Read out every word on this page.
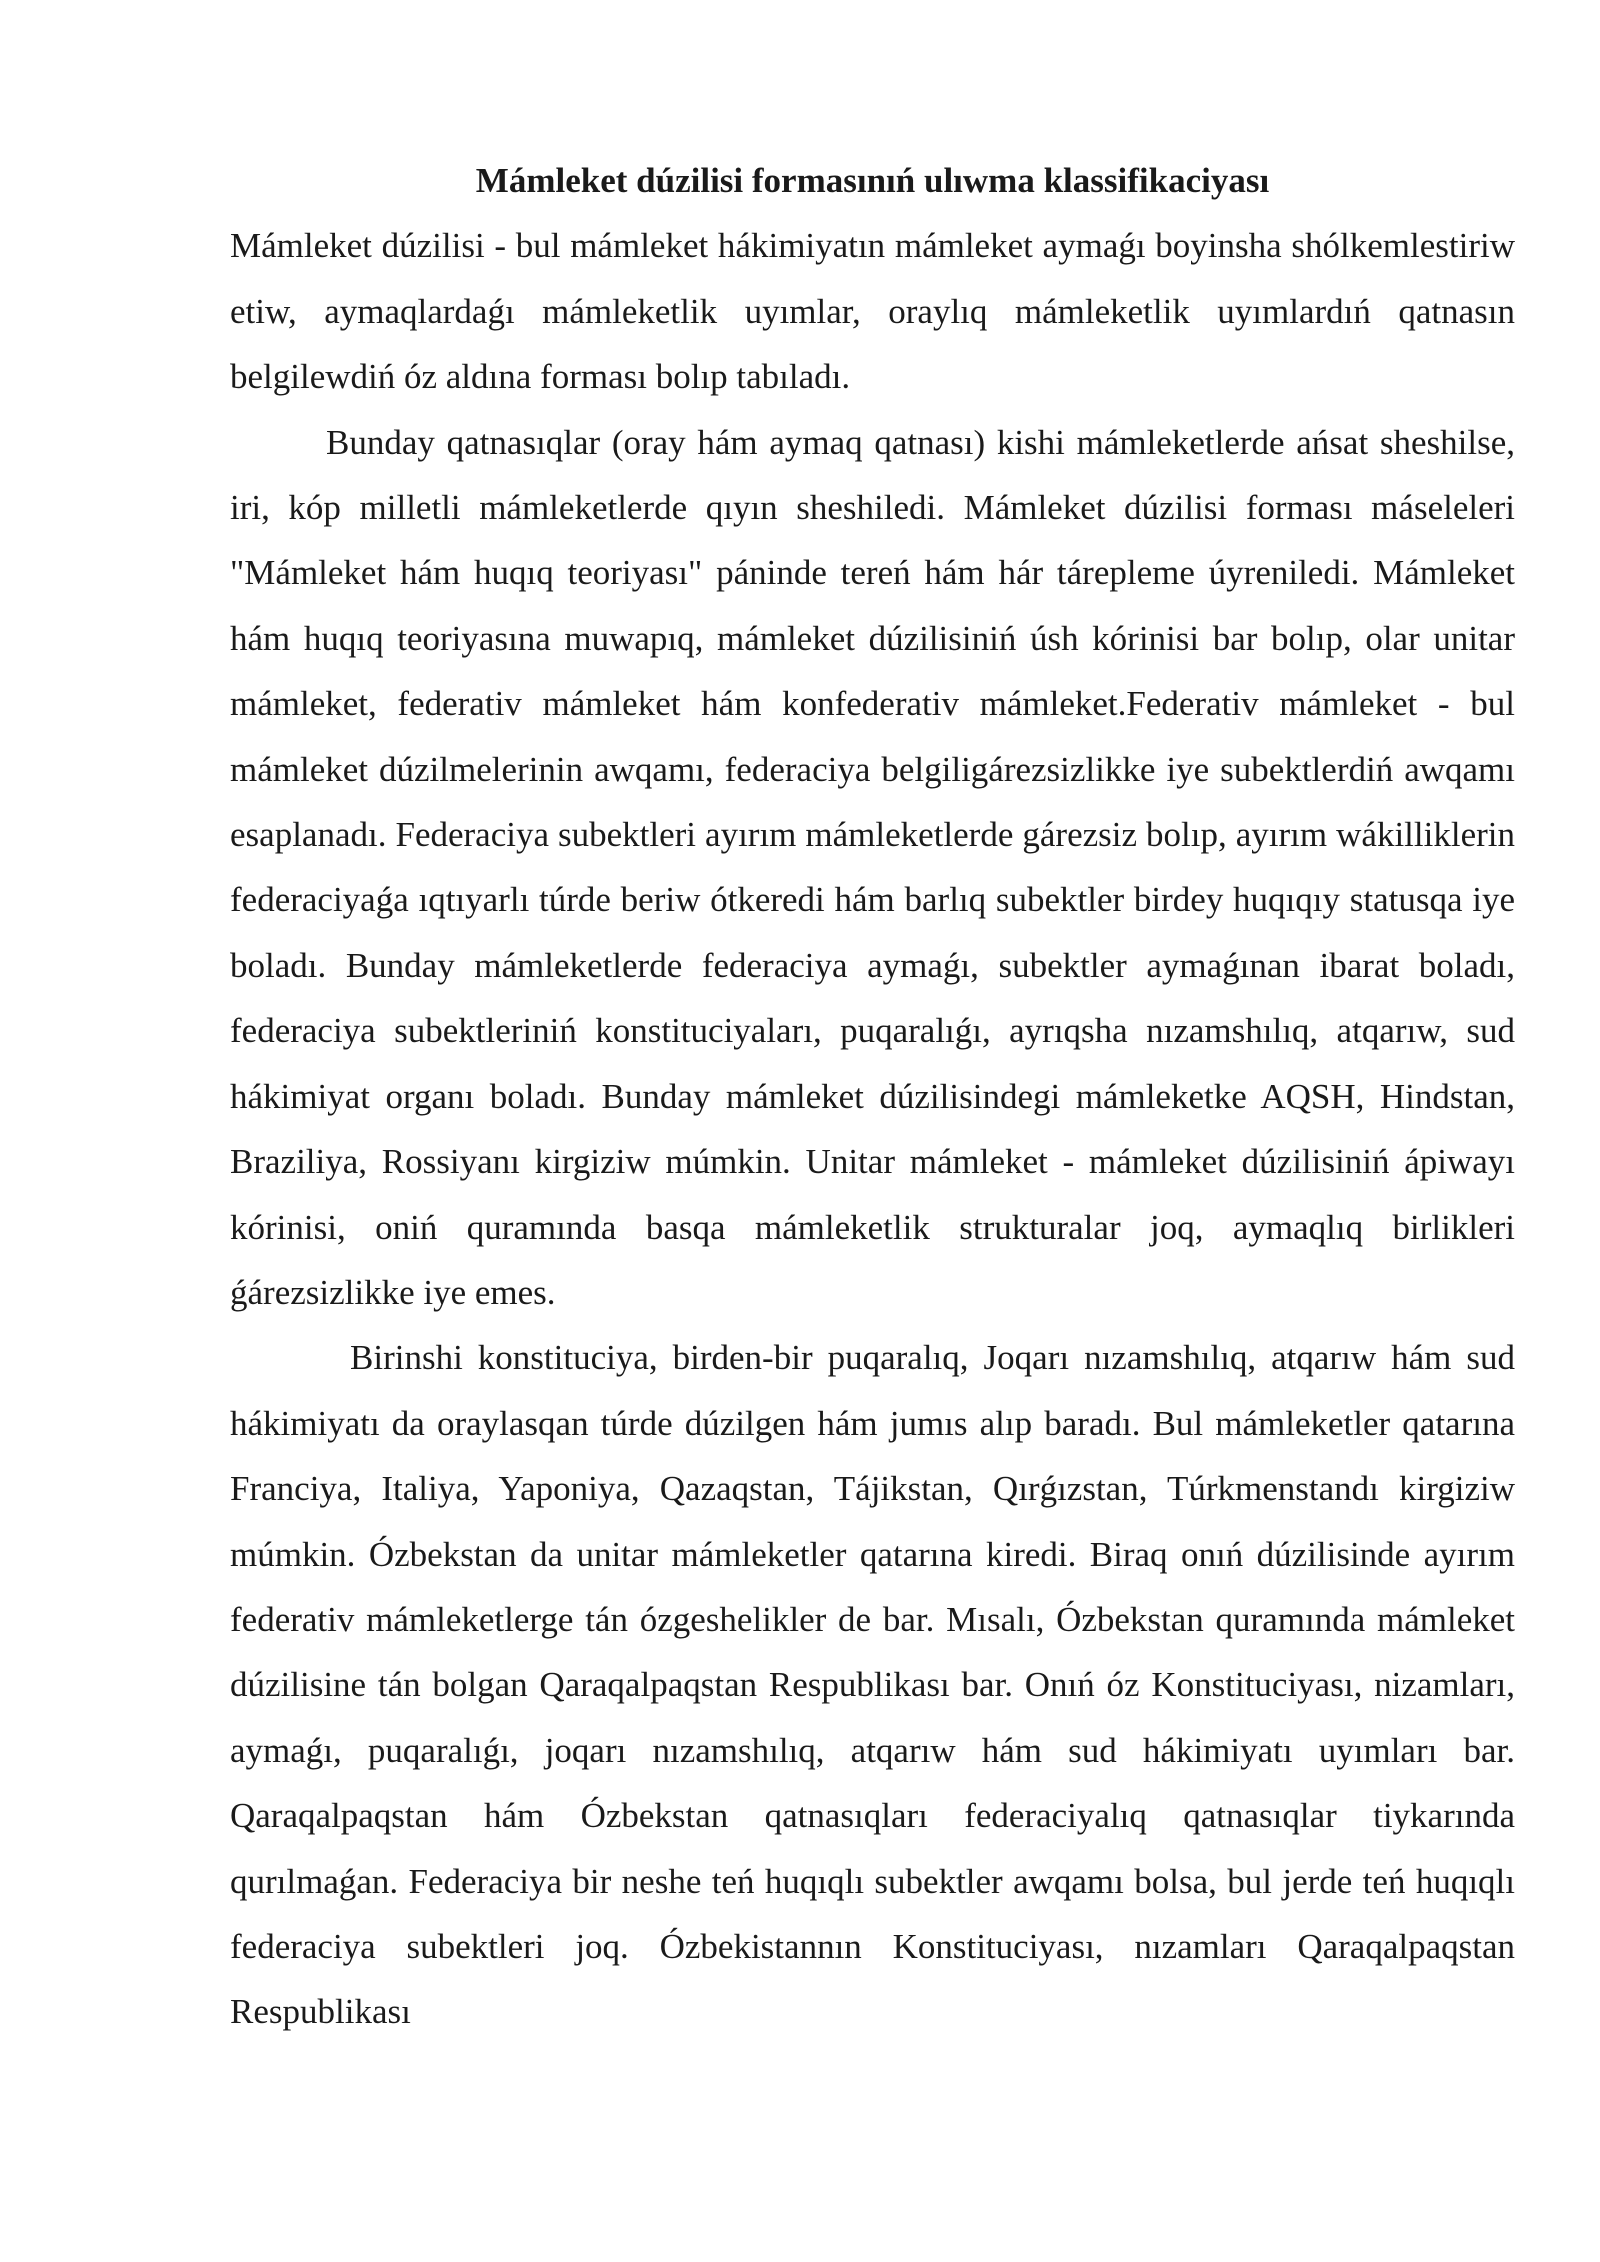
Mámleket dúzilisi formasınıń ulıwma klassifikaciyası

Mámleket dúzilisi - bul mámleket hákimiyatın mámleket aymaǵı boyinsha shólkemlestiriw etiw, aymaqlardaǵı mámleketlik uyımlar, oraylıq mámleketlik uyımlardıń qatnasın belgilewdiń óz aldına forması bolıp tabıladı.

Bunday qatnasıqlar (oray hám aymaq qatnası) kishi mámleketlerde ańsat sheshilse, iri, kóp milletli mámleketlerde qıyın sheshiledi. Mámleket dúzilisi forması máseleleri "Mámleket hám huqıq teoriyası" páninde tereń hám hár tárepleme úyreniledi. Mámleket hám huqıq teoriyasına muwapıq, mámleket dúzilisiniń úsh kórinisi bar bolıp, olar unitar mámleket, federativ mámleket hám konfederativ mámleket.Federativ mámleket - bul mámleket dúzilmelerinin awqamı, federaciya belgiligárezsizlikke iye subektlerdiń awqamı esaplanadı. Federaciya subektleri ayırım mámleketlerde gárezsiz bolıp, ayırım wákilliklerin federaciyaǵa ıqtıyarlı túrde beriw ótkeredi hám barlıq subektler birdey huqıqıy statusqa iye boladı. Bunday mámleketlerde federaciya aymaǵı, subektler aymaǵınan ibarat boladı, federaciya subektleriniń konstituciyaları, puqaralıǵı, ayrıqsha nızamshılıq, atqarıw, sud hákimiyat organı boladı. Bunday mámleket dúzilisindegi mámleketke AQSH, Hindstan, Braziliya, Rossiyanı kirgiziw múmkin. Unitar mámleket - mámleket dúzilisiniń ápiwayı kórinisi, oniń quramında basqa mámleketlik strukturalar joq, aymaqlıq birlikleri ǵárezsizlikke iye emes.

Birinshi konstituciya, birden-bir puqaralıq, Joqarı nızamshılıq, atqarıw hám sud hákimiyatı da oraylasqan túrde dúzilgen hám jumıs alıp baradı. Bul mámleketler qatarına Franciya, Italiya, Yaponiya, Qazaqstan, Tájikstan, Qırǵızstan, Túrkmenstandı kirgiziw múmkin. Ózbekstan da unitar mámleketler qatarına kiredi. Biraq onıń dúzilisinde ayırım federativ mámleketlerge tán ózgeshelikler de bar. Mısalı, Ózbekstan quramında mámleket dúzilisine tán bolgan Qaraqalpaqstan Respublikası bar. Onıń óz Konstituciyası, nizamları, aymaǵı, puqaralıǵı, joqarı nızamshılıq, atqarıw hám sud hákimiyatı uyımları bar. Qaraqalpaqstan hám Ózbekstan qatnasıqları federaciyalıq qatnasıqlar tiykarında qurılmaǵan. Federaciya bir neshe teń huqıqlı subektler awqamı bolsa, bul jerde teń huqıqlı federaciya subektleri joq. Ózbekistannın Konstituciyası, nızamları Qaraqalpaqstan Respublikası
